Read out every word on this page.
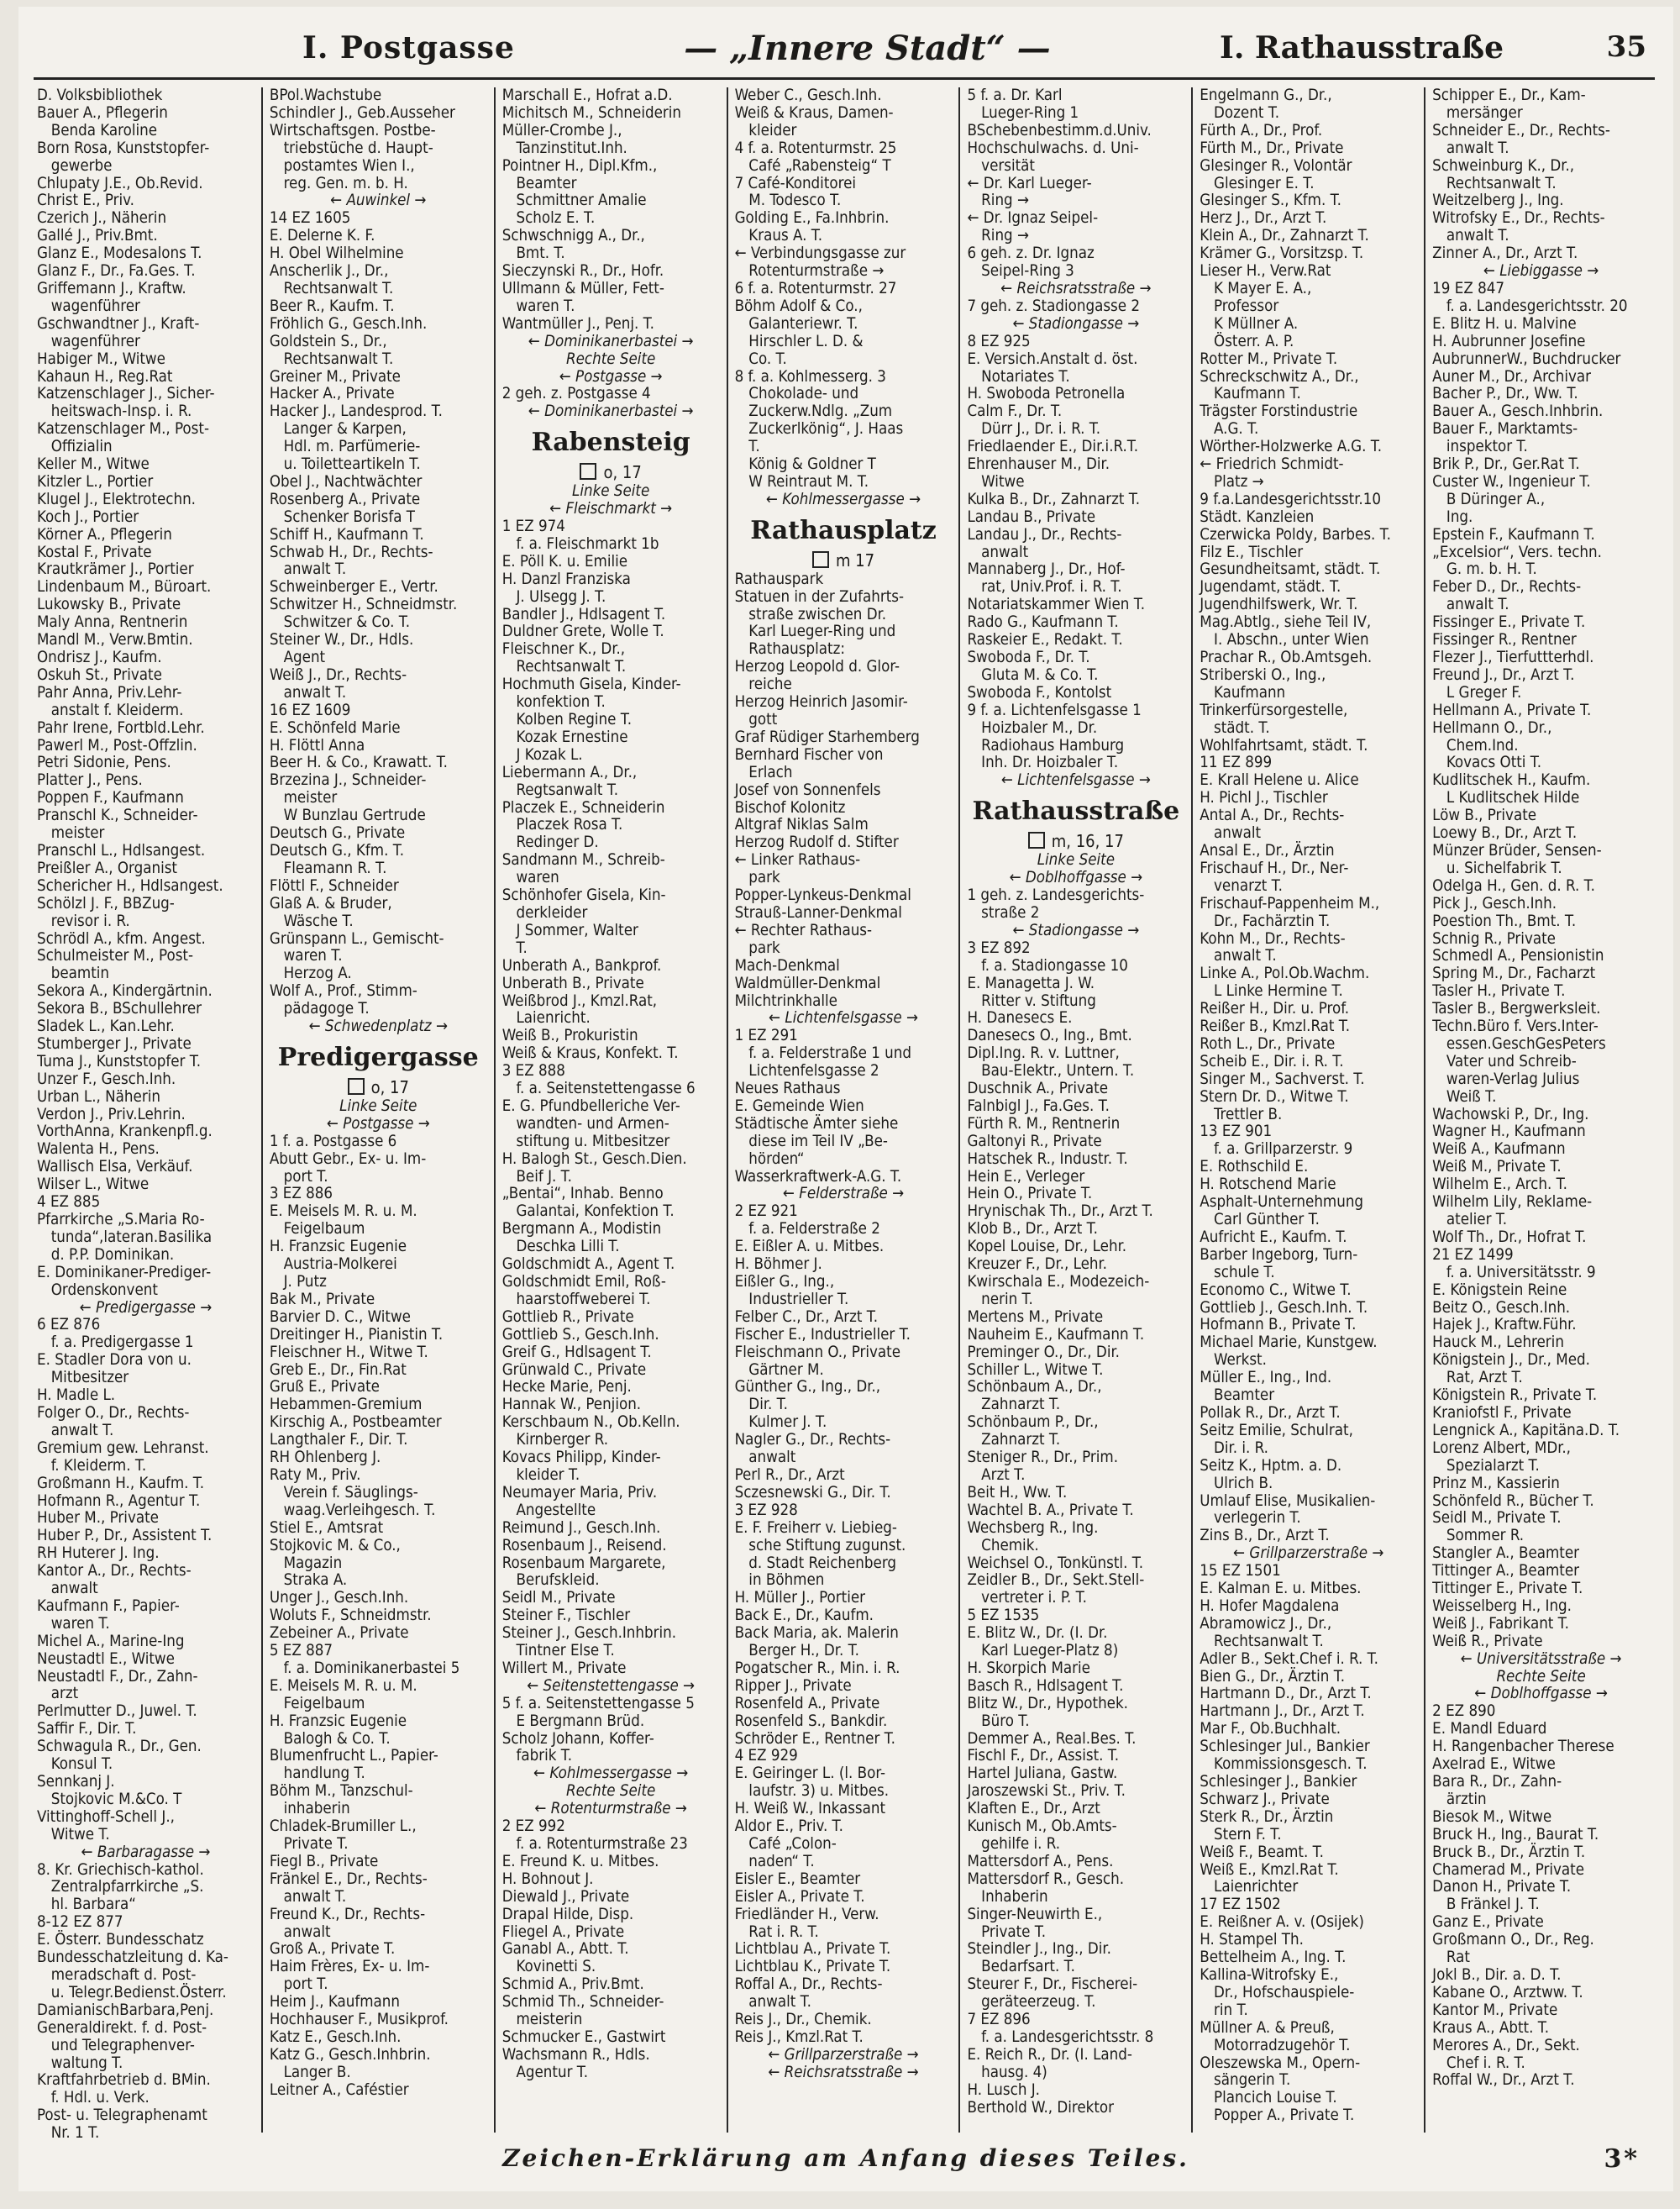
I. Postgasse	— „Innere Stadt“ —	I. Rathausstraße	35
D. Volksbibliothek
Bauer A., Pflegerin
 Benda Karoline
Born Rosa, Kunststopfer-
 gewerbe
Chlupaty J.E., Ob.Revid.
Christ E., Priv.
Czerich J., Näherin
Gallé J., Priv.Bmt.
Glanz E., Modesalons T.
Glanz F., Dr., Fa.Ges. T.
Griffemann J., Kraftw.
 wagenführer
Gschwandtner J., Kraft-
 wagenführer
Habiger M., Witwe
Kahaun H., Reg.Rat
Katzenschlager J., Sicher-
 heitswach-Insp. i. R.
Katzenschlager M., Post-
 Offizialin
Keller M., Witwe
Kitzler L., Portier
Klugel J., Elektrotechn.
Koch J., Portier
Körner A., Pflegerin
Kostal F., Private
Krautkrämer J., Portier
Lindenbaum M., Büroart.
Lukowsky B., Private
Maly Anna, Rentnerin
Mandl M., Verw.Bmtin.
Ondrisz J., Kaufm.
Oskuh St., Private
Pahr Anna, Priv.Lehr-
 anstalt f. Kleiderm.
Pahr Irene, Fortbld.Lehr.
Pawerl M., Post-Offzlin.
Petri Sidonie, Pens.
Platter J., Pens.
Poppen F., Kaufmann
Pranschl K., Schneider-
 meister
Pranschl L., Hdlsangest.
Preißler A., Organist
Schericher H., Hdlsangest.
Schölzl J. F., BBZug-
 revisor i. R.
Schrödl A., kfm. Angest.
Schulmeister M., Post-
 beamtin
Sekora A., Kindergärtnin.
Sekora B., BSchullehrer
Sladek L., Kan.Lehr.
Stumberger J., Private
Tuma J., Kunststopfer T.
Unzer F., Gesch.Inh.
Urban L., Näherin
Verdon J., Priv.Lehrin.
VorthAnna, Krankenpfl.g.
Walenta H., Pens.
Wallisch Elsa, Verkäuf.
Wilser L., Witwe
4 EZ 885
Pfarrkirche „S.Maria Ro-
 tunda“,lateran.Basilika
 d. P.P. Dominikan.
E. Dominikaner-Prediger-
 Ordenskonvent
← Predigergasse →
6 EZ 876
 f. a. Predigergasse 1
E. Stadler Dora von u.
 Mitbesitzer
H. Madle L.
Folger O., Dr., Rechts-
 anwalt T.
Gremium gew. Lehranst.
 f. Kleiderm. T.
Großmann H., Kaufm. T.
Hofmann R., Agentur T.
Huber M., Private
Huber P., Dr., Assistent T.
RH Huterer J. Ing.
Kantor A., Dr., Rechts-
 anwalt
Kaufmann F., Papier-
 waren T.
Michel A., Marine-Ing
Neustadtl E., Witwe
Neustadtl F., Dr., Zahn-
 arzt
Perlmutter D., Juwel. T.
Saffir F., Dir. T.
Schwagula R., Dr., Gen.
 Konsul T.
Sennkanj J.
 Stojkovic M.&Co. T
Vittinghoff-Schell J.,
 Witwe T.
← Barbaragasse →
8. Kr. Griechisch-kathol.
 Zentralpfarrkirche „S.
 hl. Barbara“
8-12 EZ 877
E. Österr. Bundesschatz
Bundesschatzleitung d. Ka-
 meradschaft d. Post-
 u. Telegr.Bedienst.Österr.
DamianischBarbara,Penj.
Generaldirekt. f. d. Post-
 und Telegraphenver-
 waltung T.
Kraftfahrbetrieb d. BMin.
 f. Hdl. u. Verk.
Post- u. Telegraphenamt
 Nr. 1 T.
BPol.Wachstube
Schindler J., Geb.Ausseher
Wirtschaftsgen. Postbe-
 triebstüche d. Haupt-
 postamtes Wien I.,
 reg. Gen. m. b. H.
← Auwinkel →
14 EZ 1605
E. Delerne K. F.
H. Obel Wilhelmine
Anscherlik J., Dr.,
 Rechtsanwalt T.
Beer R., Kaufm. T.
Fröhlich G., Gesch.Inh.
Goldstein S., Dr.,
 Rechtsanwalt T.
Greiner M., Private
Hacker A., Private
Hacker J., Landesprod. T.
 Langer & Karpen,
 Hdl. m. Parfümerie-
 u. Toiletteartikeln T.
Obel J., Nachtwächter
Rosenberg A., Private
 Schenker Borisfa T
Schiff H., Kaufmann T.
Schwab H., Dr., Rechts-
 anwalt T.
Schweinberger E., Vertr.
Schwitzer H., Schneidmstr.
 Schwitzer & Co. T.
Steiner W., Dr., Hdls.
 Agent
Weiß J., Dr., Rechts-
 anwalt T.
16 EZ 1609
E. Schönfeld Marie
H. Flöttl Anna
Beer H. & Co., Krawatt. T.
Brzezina J., Schneider-
 meister
 W Bunzlau Gertrude
Deutsch G., Private
Deutsch G., Kfm. T.
 Fleamann R. T.
Flöttl F., Schneider
Glaß A. & Bruder,
 Wäsche T.
Grünspann L., Gemischt-
 waren T.
 Herzog A.
Wolf A., Prof., Stimm-
 pädagoge T.
← Schwedenplatz →
Predigergasse
o, 17
Linke Seite
← Postgasse →
1 f. a. Postgasse 6
Abutt Gebr., Ex- u. Im-
 port T.
3 EZ 886
E. Meisels M. R. u. M.
 Feigelbaum
H. Franzsic Eugenie
 Austria-Molkerei
 J. Putz
Bak M., Private
Barvier D. C., Witwe
Dreitinger H., Pianistin T.
Fleischner H., Witwe T.
Greb E., Dr., Fin.Rat
Gruß E., Private
Hebammen-Gremium
Kirschig A., Postbeamter
Langthaler F., Dir. T.
RH Ohlenberg J.
Raty M., Priv.
 Verein f. Säuglings-
 waag.Verleihgesch. T.
Stiel E., Amtsrat
Stojkovic M. & Co.,
 Magazin
 Straka A.
Unger J., Gesch.Inh.
Woluts F., Schneidmstr.
Zebeiner A., Private
5 EZ 887
 f. a. Dominikanerbastei 5
E. Meisels M. R. u. M.
 Feigelbaum
H. Franzsic Eugenie
 Balogh & Co. T.
Blumenfrucht L., Papier-
 handlung T.
Böhm M., Tanzschul-
 inhaberin
Chladek-Brumiller L.,
 Private T.
Fiegl B., Private
Fränkel E., Dr., Rechts-
 anwalt T.
Freund K., Dr., Rechts-
 anwalt
Groß A., Private T.
Haim Frères, Ex- u. Im-
 port T.
Heim J., Kaufmann
Hochhauser F., Musikprof.
Katz E., Gesch.Inh.
Katz G., Gesch.Inhbrin.
 Langer B.
Leitner A., Caféstier
Marschall E., Hofrat a.D.
Michitsch M., Schneiderin
Müller-Crombe J.,
 Tanzinstitut.Inh.
Pointner H., Dipl.Kfm.,
 Beamter
 Schmittner Amalie
 Scholz E. T.
Schwschnigg A., Dr.,
 Bmt. T.
Sieczynski R., Dr., Hofr.
Ullmann & Müller, Fett-
 waren T.
Wantmüller J., Penj. T.
← Dominikanerbastei →
Rechte Seite
← Postgasse →
2 geh. z. Postgasse 4
← Dominikanerbastei →
Rabensteig
o, 17
Linke Seite
← Fleischmarkt →
1 EZ 974
 f. a. Fleischmarkt 1b
E. Pöll K. u. Emilie
H. Danzl Franziska
 J. Ulsegg J. T.
Bandler J., Hdlsagent T.
Duldner Grete, Wolle T.
Fleischner K., Dr.,
 Rechtsanwalt T.
Hochmuth Gisela, Kinder-
 konfektion T.
 Kolben Regine T.
 Kozak Ernestine
 J Kozak L.
Liebermann A., Dr.,
 Regtsanwalt T.
Placzek E., Schneiderin
 Placzek Rosa T.
 Redinger D.
Sandmann M., Schreib-
 waren
Schönhofer Gisela, Kin-
 derkleider
 J Sommer, Walter
 T.
Unberath A., Bankprof.
Unberath B., Private
Weißbrod J., Kmzl.Rat,
 Laienricht.
Weiß B., Prokuristin
Weiß & Kraus, Konfekt. T.
3 EZ 888
 f. a. Seitenstettengasse 6
E. G. Pfundbelleriche Ver-
 wandten- und Armen-
 stiftung u. Mitbesitzer
H. Balogh St., Gesch.Dien.
 Beif J. T.
„Bentai“, Inhab. Benno
 Galantai, Konfektion T.
Bergmann A., Modistin
 Deschka Lilli T.
Goldschmidt A., Agent T.
Goldschmidt Emil, Roß-
 haarstoffweberei T.
Gottlieb R., Private
Gottlieb S., Gesch.Inh.
Greif G., Hdlsagent T.
Grünwald C., Private
Hecke Marie, Penj.
Hannak W., Penjion.
Kerschbaum N., Ob.Kelln.
 Kirnberger R.
Kovacs Philipp, Kinder-
 kleider T.
Neumayer Maria, Priv.
 Angestellte
Reimund J., Gesch.Inh.
Rosenbaum J., Reisend.
Rosenbaum Margarete,
 Berufskleid.
Seidl M., Private
Steiner F., Tischler
Steiner J., Gesch.Inhbrin.
 Tintner Else T.
Willert M., Private
← Seitenstettengasse →
5 f. a. Seitenstettengasse 5
 E Bergmann Brüd.
Scholz Johann, Koffer-
 fabrik T.
← Kohlmessergasse →
Rechte Seite
← Rotenturmstraße →
2 EZ 992
 f. a. Rotenturmstraße 23
E. Freund K. u. Mitbes.
H. Bohnout J.
Diewald J., Private
Drapal Hilde, Disp.
Fliegel A., Private
Ganabl A., Abtt. T.
 Kovinetti S.
Schmid A., Priv.Bmt.
Schmid Th., Schneider-
 meisterin
Schmucker E., Gastwirt
Wachsmann R., Hdls.
 Agentur T.
Weber C., Gesch.Inh.
Weiß & Kraus, Damen-
 kleider
4 f. a. Rotenturmstr. 25
 Café „Rabensteig“ T
7 Café-Konditorei
 M. Todesco T.
Golding E., Fa.Inhbrin.
 Kraus A. T.
← Verbindungsgasse zur
 Rotenturmstraße →
6 f. a. Rotenturmstr. 27
Böhm Adolf & Co.,
 Galanteriewr. T.
 Hirschler L. D. &
 Co. T.
8 f. a. Kohlmesserg. 3
 Chokolade- und
 Zuckerw.Ndlg. „Zum
 Zuckerlkönig“, J. Haas
 T.
 König & Goldner T
 W Reintraut M. T.
← Kohlmessergasse →
Rathausplatz
m 17
Rathauspark
Statuen in der Zufahrts-
 straße zwischen Dr.
 Karl Lueger-Ring und
 Rathausplatz:
Herzog Leopold d. Glor-
 reiche
Herzog Heinrich Jasomir-
 gott
Graf Rüdiger Starhemberg
Bernhard Fischer von
 Erlach
Josef von Sonnenfels
Bischof Kolonitz
Altgraf Niklas Salm
Herzog Rudolf d. Stifter
← Linker Rathaus-
 park
Popper-Lynkeus-Denkmal
Strauß-Lanner-Denkmal
← Rechter Rathaus-
 park
Mach-Denkmal
Waldmüller-Denkmal
Milchtrinkhalle
← Lichtenfelsgasse →
1 EZ 291
 f. a. Felderstraße 1 und
 Lichtenfelsgasse 2
Neues Rathaus
E. Gemeinde Wien
Städtische Ämter siehe
 diese im Teil IV „Be-
 hörden“
Wasserkraftwerk-A.G. T.
← Felderstraße →
2 EZ 921
 f. a. Felderstraße 2
E. Eißler A. u. Mitbes.
H. Böhmer J.
Eißler G., Ing.,
 Industrieller T.
Felber C., Dr., Arzt T.
Fischer E., Industrieller T.
Fleischmann O., Private
 Gärtner M.
Günther G., Ing., Dr.,
 Dir. T.
 Kulmer J. T.
Nagler G., Dr., Rechts-
 anwalt
Perl R., Dr., Arzt
Sczesnewski G., Dir. T.
3 EZ 928
E. F. Freiherr v. Liebieg-
 sche Stiftung zugunst.
 d. Stadt Reichenberg
 in Böhmen
H. Müller J., Portier
Back E., Dr., Kaufm.
Back Maria, ak. Malerin
 Berger H., Dr. T.
Pogatscher R., Min. i. R.
Ripper J., Private
Rosenfeld A., Private
Rosenfeld S., Bankdir.
Schröder E., Rentner T.
4 EZ 929
E. Geiringer L. (l. Bor-
 laufstr. 3) u. Mitbes.
H. Weiß W., Inkassant
Aldor E., Priv. T.
 Café „Colon-
 naden“ T.
Eisler E., Beamter
Eisler A., Private T.
Friedländer H., Verw.
 Rat i. R. T.
Lichtblau A., Private T.
Lichtblau K., Private T.
Roffal A., Dr., Rechts-
 anwalt T.
Reis J., Dr., Chemik.
Reis J., Kmzl.Rat T.
← Grillparzerstraße →
← Reichsratsstraße →
5 f. a. Dr. Karl
 Lueger-Ring 1
BSchebenbestimm.d.Univ.
Hochschulwachs. d. Uni-
 versität
← Dr. Karl Lueger-
 Ring →
← Dr. Ignaz Seipel-
 Ring →
6 geh. z. Dr. Ignaz
 Seipel-Ring 3
← Reichsratsstraße →
7 geh. z. Stadiongasse 2
← Stadiongasse →
8 EZ 925
E. Versich.Anstalt d. öst.
 Notariates T.
H. Swoboda Petronella
Calm F., Dr. T.
 Dürr J., Dr. i. R. T.
Friedlaender E., Dir.i.R.T.
Ehrenhauser M., Dir.
 Witwe
Kulka B., Dr., Zahnarzt T.
Landau B., Private
Landau J., Dr., Rechts-
 anwalt
Mannaberg J., Dr., Hof-
 rat, Univ.Prof. i. R. T.
Notariatskammer Wien T.
Rado G., Kaufmann T.
Raskeier E., Redakt. T.
Swoboda F., Dr. T.
 Gluta M. & Co. T.
Swoboda F., Kontolst
9 f. a. Lichtenfelsgasse 1
 Hoizbaler M., Dr.
 Radiohaus Hamburg
 Inh. Dr. Hoizbaler T.
← Lichtenfelsgasse →
Rathausstraße
m, 16, 17
Linke Seite
← Doblhoffgasse →
1 geh. z. Landesgerichts-
 straße 2
← Stadiongasse →
3 EZ 892
 f. a. Stadiongasse 10
E. Managetta J. W.
 Ritter v. Stiftung
H. Danesecs E.
Danesecs O., Ing., Bmt.
Dipl.Ing. R. v. Luttner,
 Bau-Elektr., Untern. T.
Duschnik A., Private
Falnbigl J., Fa.Ges. T.
Fürth R. M., Rentnerin
Galtonyi R., Private
Hatschek R., Industr. T.
Hein E., Verleger
Hein O., Private T.
Hrynischak Th., Dr., Arzt T.
Klob B., Dr., Arzt T.
Kopel Louise, Dr., Lehr.
Kreuzer F., Dr., Lehr.
Kwirschala E., Modezeich-
 nerin T.
Mertens M., Private
Nauheim E., Kaufmann T.
Preminger O., Dr., Dir.
Schiller L., Witwe T.
Schönbaum A., Dr.,
 Zahnarzt T.
Schönbaum P., Dr.,
 Zahnarzt T.
Steniger R., Dr., Prim.
 Arzt T.
Beit H., Ww. T.
Wachtel B. A., Private T.
Wechsberg R., Ing.
 Chemik.
Weichsel O., Tonkünstl. T.
Zeidler B., Dr., Sekt.Stell-
 vertreter i. P. T.
5 EZ 1535
E. Blitz W., Dr. (I. Dr.
 Karl Lueger-Platz 8)
H. Skorpich Marie
Basch R., Hdlsagent T.
Blitz W., Dr., Hypothek.
 Büro T.
Demmer A., Real.Bes. T.
Fischl F., Dr., Assist. T.
Hartel Juliana, Gastw.
Jaroszewski St., Priv. T.
Klaften E., Dr., Arzt
Kunisch M., Ob.Amts-
 gehilfe i. R.
Mattersdorf A., Pens.
Mattersdorf R., Gesch.
 Inhaberin
Singer-Neuwirth E.,
 Private T.
Steindler J., Ing., Dir.
 Bedarfsart. T.
Steurer F., Dr., Fischerei-
 geräteerzeug. T.
7 EZ 896
 f. a. Landesgerichtsstr. 8
E. Reich R., Dr. (I. Land-
 hausg. 4)
H. Lusch J.
Berthold W., Direktor
Engelmann G., Dr.,
 Dozent T.
Fürth A., Dr., Prof.
Fürth M., Dr., Private
Glesinger R., Volontär
 Glesinger E. T.
Glesinger S., Kfm. T.
Herz J., Dr., Arzt T.
Klein A., Dr., Zahnarzt T.
Krämer G., Vorsitzsp. T.
Lieser H., Verw.Rat
 K Mayer E. A.,
 Professor
 K Müllner A.
 Österr. A. P.
Rotter M., Private T.
Schreckschwitz A., Dr.,
 Kaufmann T.
Trägster Forstindustrie
 A.G. T.
Wörther-Holzwerke A.G. T.
← Friedrich Schmidt-
 Platz →
9 f.a.Landesgerichtsstr.10
Städt. Kanzleien
Czerwicka Poldy, Barbes. T.
Filz E., Tischler
Gesundheitsamt, städt. T.
Jugendamt, städt. T.
Jugendhilfswerk, Wr. T.
Mag.Abtlg., siehe Teil IV,
 I. Abschn., unter Wien
Prachar R., Ob.Amtsgeh.
Striberski O., Ing.,
 Kaufmann
Trinkerfürsorgestelle,
 städt. T.
Wohlfahrtsamt, städt. T.
11 EZ 899
E. Krall Helene u. Alice
H. Pichl J., Tischler
Antal A., Dr., Rechts-
 anwalt
Ansal E., Dr., Ärztin
Frischauf H., Dr., Ner-
 venarzt T.
Frischauf-Pappenheim M.,
 Dr., Fachärztin T.
Kohn M., Dr., Rechts-
 anwalt T.
Linke A., Pol.Ob.Wachm.
 L Linke Hermine T.
Reißer H., Dir. u. Prof.
Reißer B., Kmzl.Rat T.
Roth L., Dr., Private
Scheib E., Dir. i. R. T.
Singer M., Sachverst. T.
Stern Dr. D., Witwe T.
 Trettler B.
13 EZ 901
 f. a. Grillparzerstr. 9
E. Rothschild E.
H. Rotschend Marie
Asphalt-Unternehmung
 Carl Günther T.
Aufricht E., Kaufm. T.
Barber Ingeborg, Turn-
 schule T.
Economo C., Witwe T.
Gottlieb J., Gesch.Inh. T.
Hofmann B., Private T.
Michael Marie, Kunstgew.
 Werkst.
Müller E., Ing., Ind.
 Beamter
Pollak R., Dr., Arzt T.
Seitz Emilie, Schulrat,
 Dir. i. R.
Seitz K., Hptm. a. D.
 Ulrich B.
Umlauf Elise, Musikalien-
 verlegerin T.
Zins B., Dr., Arzt T.
← Grillparzerstraße →
15 EZ 1501
E. Kalman E. u. Mitbes.
H. Hofer Magdalena
Abramowicz J., Dr.,
 Rechtsanwalt T.
Adler B., Sekt.Chef i. R. T.
Bien G., Dr., Ärztin T.
Hartmann D., Dr., Arzt T.
Hartmann J., Dr., Arzt T.
Mar F., Ob.Buchhalt.
Schlesinger Jul., Bankier
 Kommissionsgesch. T.
Schlesinger J., Bankier
Schwarz J., Private
Sterk R., Dr., Ärztin
 Stern F. T.
Weiß F., Beamt. T.
Weiß E., Kmzl.Rat T.
 Laienrichter
17 EZ 1502
E. Reißner A. v. (Osijek)
H. Stampel Th.
Bettelheim A., Ing. T.
Kallina-Witrofsky E.,
 Dr., Hofschauspiele-
 rin T.
Müllner A. & Preuß,
 Motorradzugehör T.
Oleszewska M., Opern-
 sängerin T.
 Plancich Louise T.
 Popper A., Private T.
Schipper E., Dr., Kam-
 mersänger
Schneider E., Dr., Rechts-
 anwalt T.
Schweinburg K., Dr.,
 Rechtsanwalt T.
Weitzelberg J., Ing.
Witrofsky E., Dr., Rechts-
 anwalt T.
Zinner A., Dr., Arzt T.
← Liebiggasse →
19 EZ 847
 f. a. Landesgerichtsstr. 20
E. Blitz H. u. Malvine
H. Aubrunner Josefine
AubrunnerW., Buchdrucker
Auner M., Dr., Archivar
Bacher P., Dr., Ww. T.
Bauer A., Gesch.Inhbrin.
Bauer F., Marktamts-
 inspektor T.
Brik P., Dr., Ger.Rat T.
Custer W., Ingenieur T.
 B Düringer A.,
 Ing.
Epstein F., Kaufmann T.
„Excelsior“, Vers. techn.
 G. m. b. H. T.
Feber D., Dr., Rechts-
 anwalt T.
Fissinger E., Private T.
Fissinger R., Rentner
Flezer J., Tierfuttterhdl.
Freund J., Dr., Arzt T.
 L Greger F.
Hellmann A., Private T.
Hellmann O., Dr.,
 Chem.Ind.
 Kovacs Otti T.
Kudlitschek H., Kaufm.
 L Kudlitschek Hilde
Löw B., Private
Loewy B., Dr., Arzt T.
Münzer Brüder, Sensen-
 u. Sichelfabrik T.
Odelga H., Gen. d. R. T.
Pick J., Gesch.Inh.
Poestion Th., Bmt. T.
Schnig R., Private
Schmedl A., Pensionistin
Spring M., Dr., Facharzt
Tasler H., Private T.
Tasler B., Bergwerksleit.
Techn.Büro f. Vers.Inter-
 essen.GeschGesPeters
 Vater und Schreib-
 waren-Verlag Julius
 Weiß T.
Wachowski P., Dr., Ing.
Wagner H., Kaufmann
Weiß A., Kaufmann
Weiß M., Private T.
Wilhelm E., Arch. T.
Wilhelm Lily, Reklame-
 atelier T.
Wolf Th., Dr., Hofrat T.
21 EZ 1499
 f. a. Universitätsstr. 9
E. Königstein Reine
Beitz O., Gesch.Inh.
Hajek J., Kraftw.Führ.
Hauck M., Lehrerin
Königstein J., Dr., Med.
 Rat, Arzt T.
Königstein R., Private T.
Kraniofstl F., Private
Lengnick A., Kapitäna.D. T.
Lorenz Albert, MDr.,
 Spezialarzt T.
Prinz M., Kassierin
Schönfeld R., Bücher T.
Seidl M., Private T.
 Sommer R.
Stangler A., Beamter
Tittinger A., Beamter
Tittinger E., Private T.
Weisselberg H., Ing.
Weiß J., Fabrikant T.
Weiß R., Private
← Universitätsstraße →
Rechte Seite
← Doblhoffgasse →
2 EZ 890
E. Mandl Eduard
H. Rangenbacher Therese
Axelrad E., Witwe
Bara R., Dr., Zahn-
 ärztin
Biesok M., Witwe
Bruck H., Ing., Baurat T.
Bruck B., Dr., Ärztin T.
Chamerad M., Private
Danon H., Private T.
 B Fränkel J. T.
Ganz E., Private
Großmann O., Dr., Reg.
 Rat
Jokl B., Dir. a. D. T.
Kabane O., Arztww. T.
Kantor M., Private
Kraus A., Abtt. T.
Merores A., Dr., Sekt.
 Chef i. R. T.
Roffal W., Dr., Arzt T.
Zeichen-Erklärung am Anfang dieses Teiles.	3*
